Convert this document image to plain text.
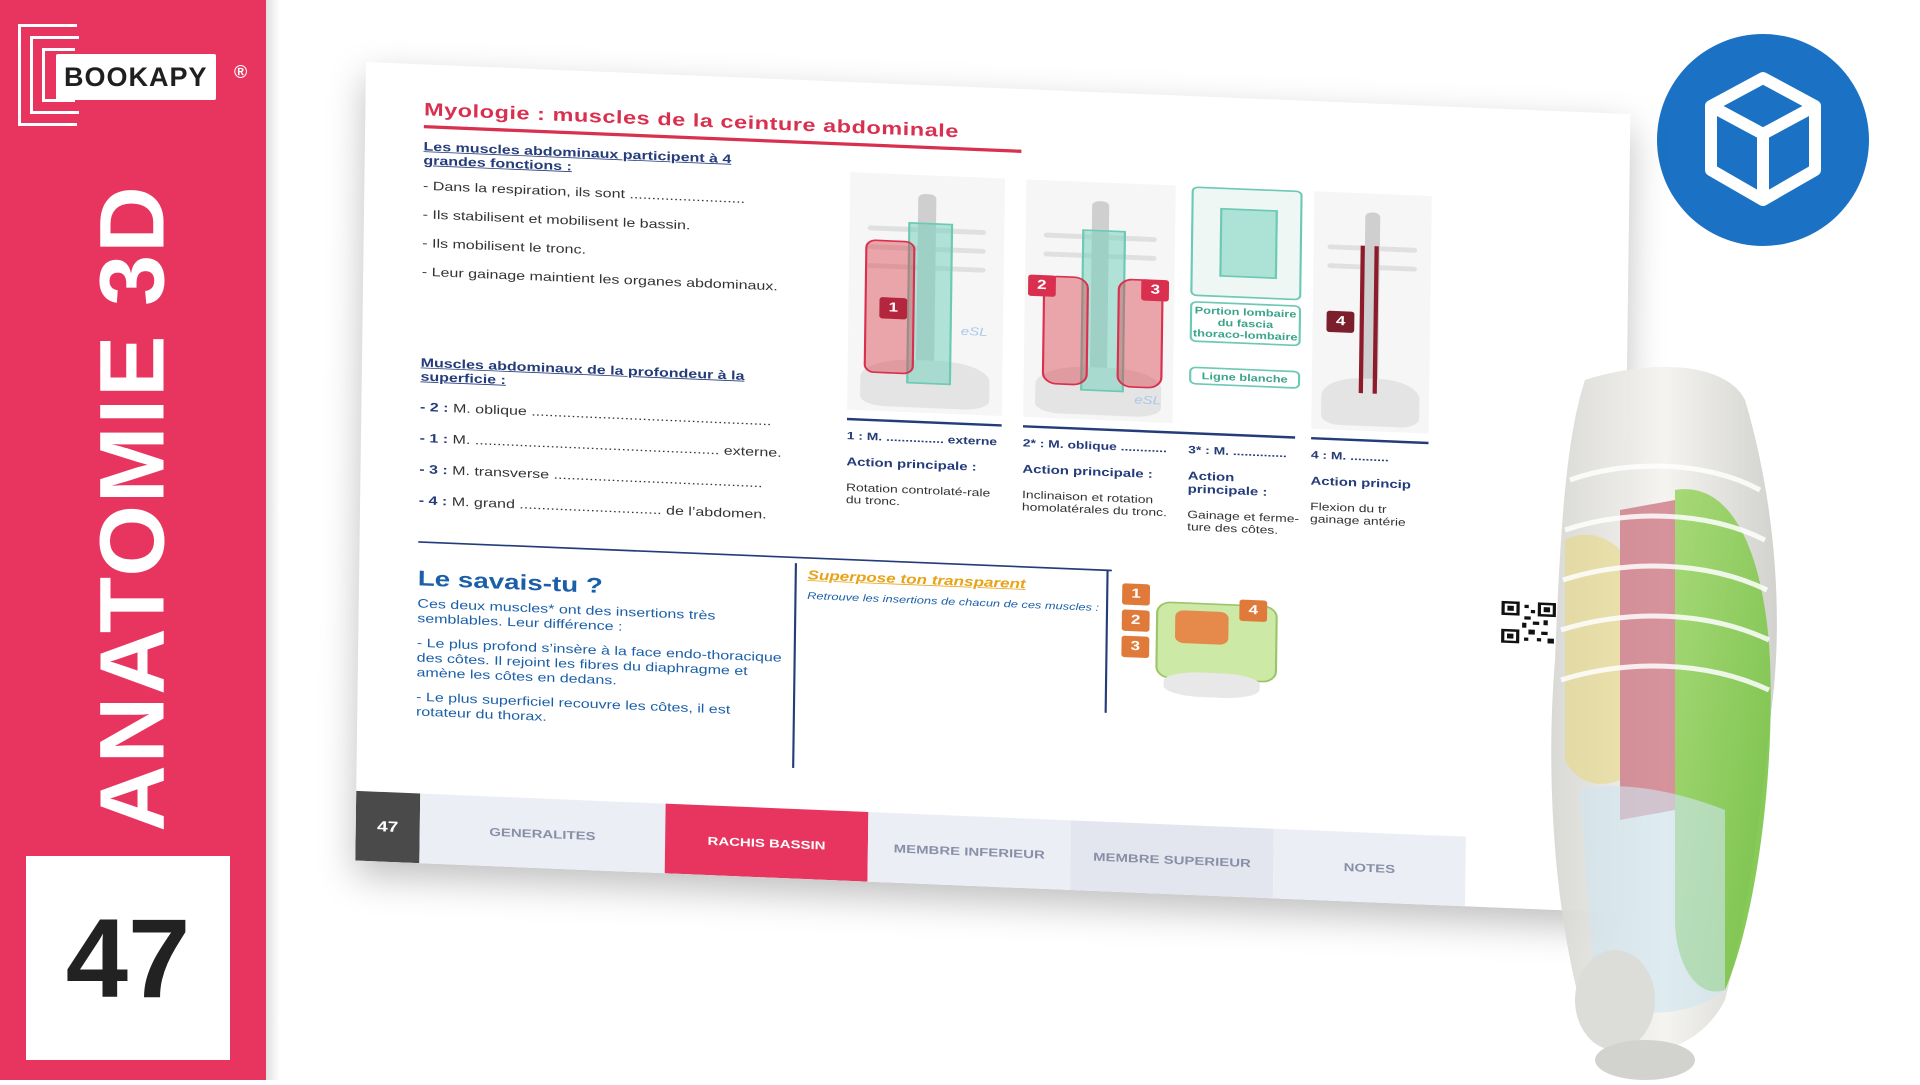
BOOKAPY ®
ANATOMIE 3D
47
Myologie : muscles de la ceinture abdominale
Les muscles abdominaux participent à 4 grandes fonctions :
- Dans la respiration, ils sont ..........................
- Ils stabilisent et mobilisent le bassin.
- Ils mobilisent le tronc.
- Leur gainage maintient les organes abdominaux.
Muscles abdominaux de la profondeur à la superficie :
- 2 : M. oblique ......................................................
- 1 : M. ....................................................... externe.
- 3 : M. transverse ...............................................
- 4 : M. grand ................................ de l’abdomen.
1
eSL
2	3
eSL
Portion lombaire du fascia thoraco-lombaire
Ligne blanche
4
1 : M. ............... externe
Action principale :
Rotation controlaté-rale du tronc.
2* : M. oblique ............
Action principale :
Inclinaison et rotation homolatérales du tronc.
3* : M. ..............
Action principale :
Gainage et ferme-ture des côtes.
4 : M. ..........
Action princip
Flexion du tr gainage antérie
Le savais-tu ?
Ces deux muscles* ont des insertions très semblables. Leur différence :
- Le plus profond s’insère à la face endo-thoracique des côtes. Il rejoint les fibres du diaphragme et amène les côtes en dedans.
- Le plus superficiel recouvre les côtes, il est rotateur du thorax.
Superpose ton transparent
Retrouve les insertions de chacun de ces muscles :	1
2
3
4
47	GENERALITES
RACHIS BASSIN	MEMBRE INFERIEUR	MEMBRE SUPERIEUR	NOTES
